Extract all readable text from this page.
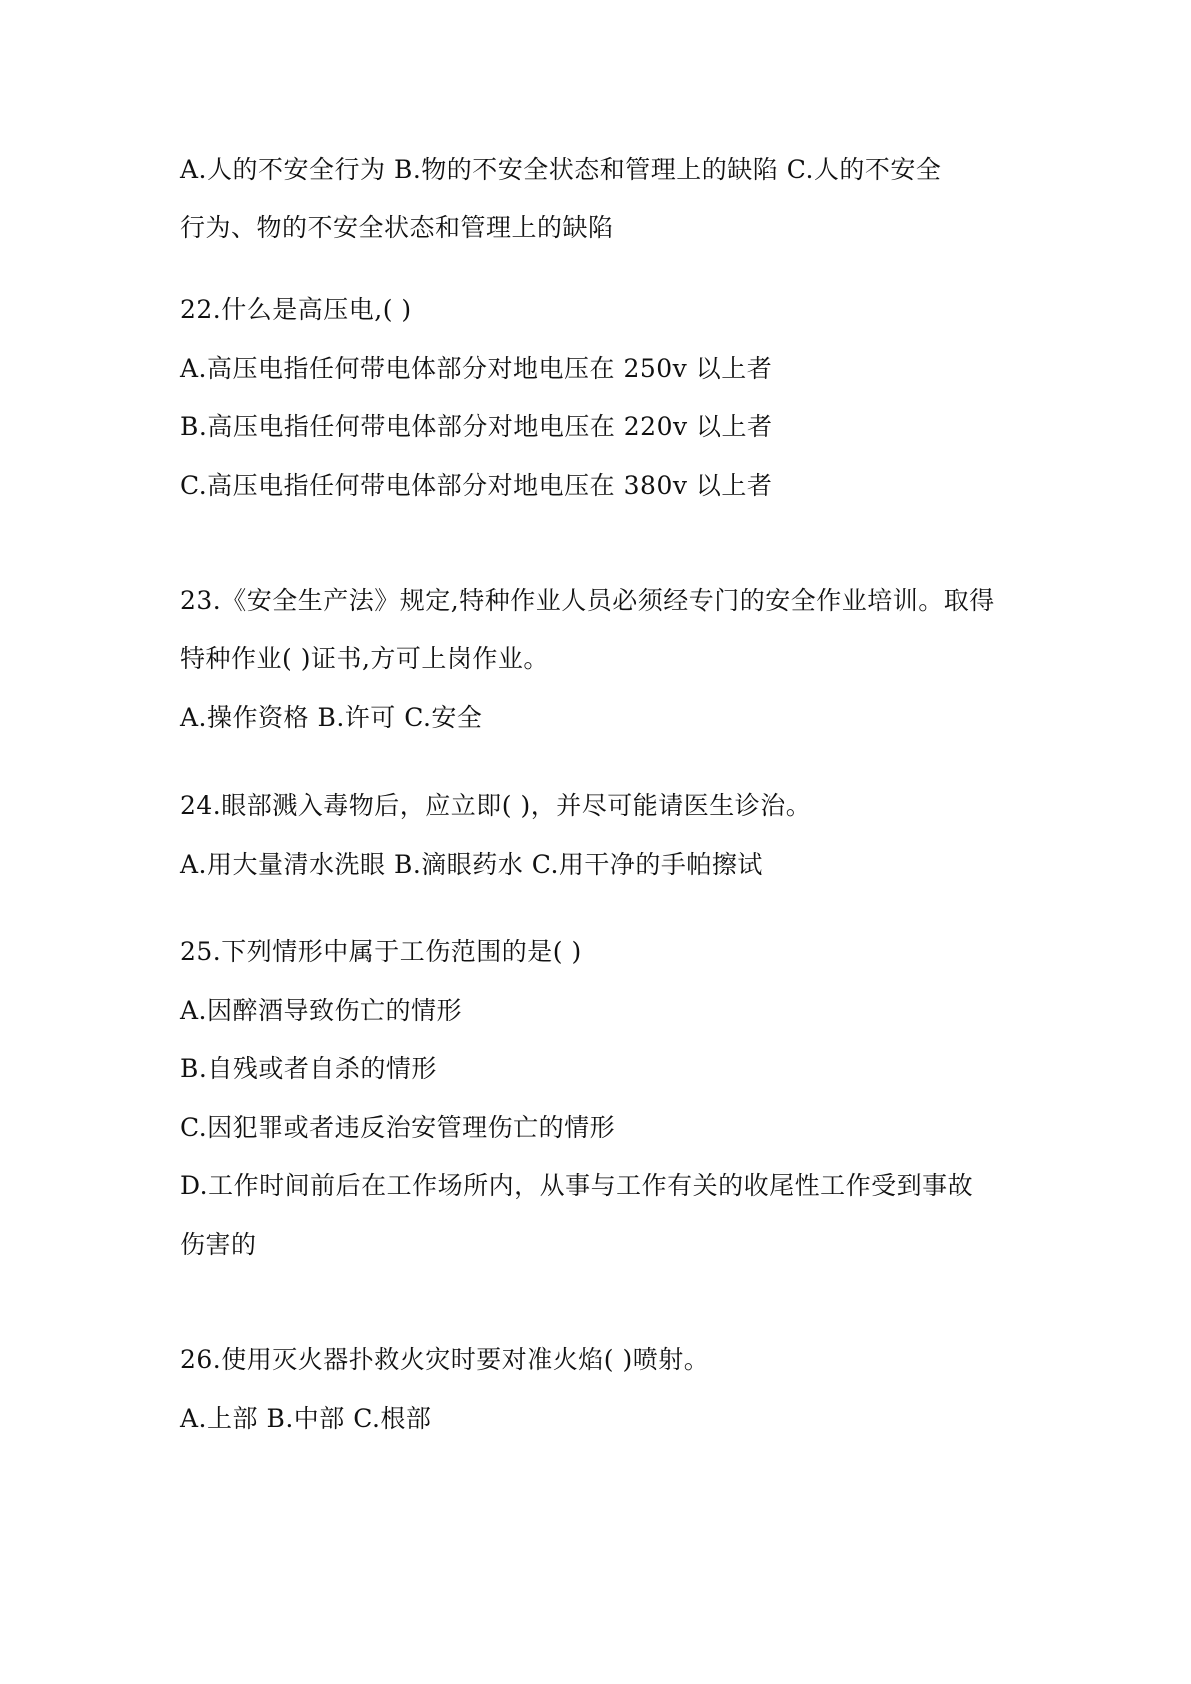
A.人的不安全行为 B.物的不安全状态和管理上的缺陷 C.人的不安全
行为、物的不安全状态和管理上的缺陷
22.什么是高压电,( )
A.高压电指任何带电体部分对地电压在 250v 以上者
B.高压电指任何带电体部分对地电压在 220v 以上者
C.高压电指任何带电体部分对地电压在 380v 以上者
23.《安全生产法》规定,特种作业人员必须经专门的安全作业培训。取得
特种作业( )证书,方可上岗作业。
A.操作资格 B.许可 C.安全
24.眼部溅入毒物后，应立即( )，并尽可能请医生诊治。
A.用大量清水洗眼 B.滴眼药水 C.用干净的手帕擦试
25.下列情形中属于工伤范围的是( )
A.因醉酒导致伤亡的情形
B.自残或者自杀的情形
C.因犯罪或者违反治安管理伤亡的情形
D.工作时间前后在工作场所内，从事与工作有关的收尾性工作受到事故
伤害的
26.使用灭火器扑救火灾时要对准火焰( )喷射。
A.上部 B.中部 C.根部
